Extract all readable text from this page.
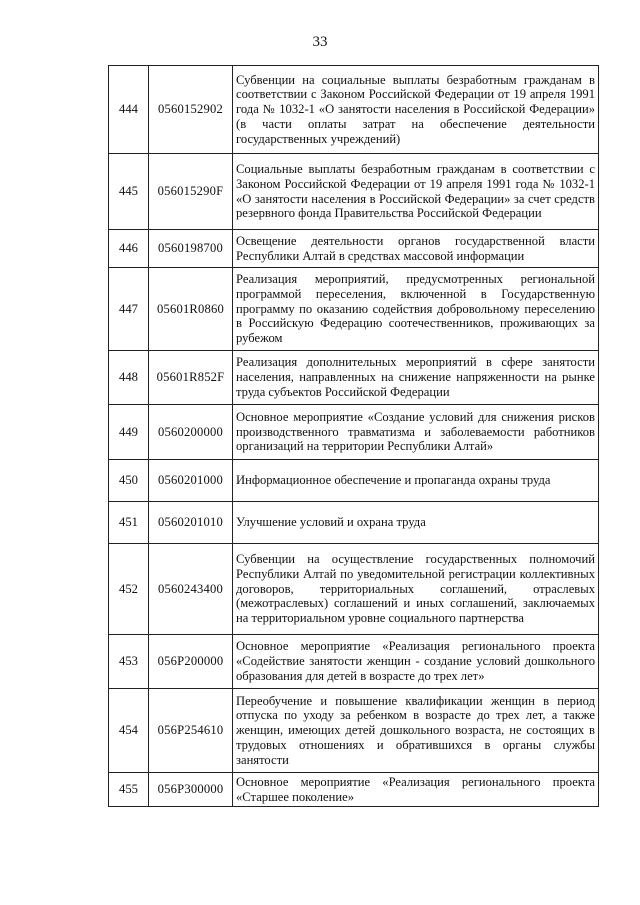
33
444	0560152902	Субвенции на социальные выплаты безработным гражданам в соответствии с Законом Российской Федерации от 19 апреля 1991 года № 1032-1 «О занятости населения в Российской Федерации» (в части оплаты затрат на обеспечение деятельности государственных учреждений)
445	056015290F	Социальные выплаты безработным гражданам в соответствии с Законом Российской Федерации от 19 апреля 1991 года № 1032-1 «О занятости населения в Российской Федерации» за счет средств резервного фонда Правительства Российской Федерации
446	0560198700	Освещение деятельности органов государственной власти Республики Алтай в средствах массовой информации
447	05601R0860	Реализация мероприятий, предусмотренных региональной программой переселения, включенной в Государственную программу по оказанию содействия добровольному переселению в Российскую Федерацию соотечественников, проживающих за рубежом
448	05601R852F	Реализация дополнительных мероприятий в сфере занятости населения, направленных на снижение напряженности на рынке труда субъектов Российской Федерации
449	0560200000	Основное мероприятие «Создание условий для снижения рисков производственного травматизма и заболеваемости работников организаций на территории Республики Алтай»
450	0560201000	Информационное обеспечение и пропаганда охраны труда
451	0560201010	Улучшение условий и охрана труда
452	0560243400	Субвенции на осуществление государственных полномочий Республики Алтай по уведомительной регистрации коллективных договоров, территориальных соглашений, отраслевых (межотраслевых) соглашений и иных соглашений, заключаемых на территориальном уровне социального партнерства
453	056P200000	Основное мероприятие «Реализация регионального проекта «Содействие занятости женщин - создание условий дошкольного образования для детей в возрасте до трех лет»
454	056P254610	Переобучение и повышение квалификации женщин в период отпуска по уходу за ребенком в возрасте до трех лет, а также женщин, имеющих детей дошкольного возраста, не состоящих в трудовых отношениях и обратившихся в органы службы занятости
455	056P300000	Основное мероприятие «Реализация регионального проекта «Старшее поколение»
